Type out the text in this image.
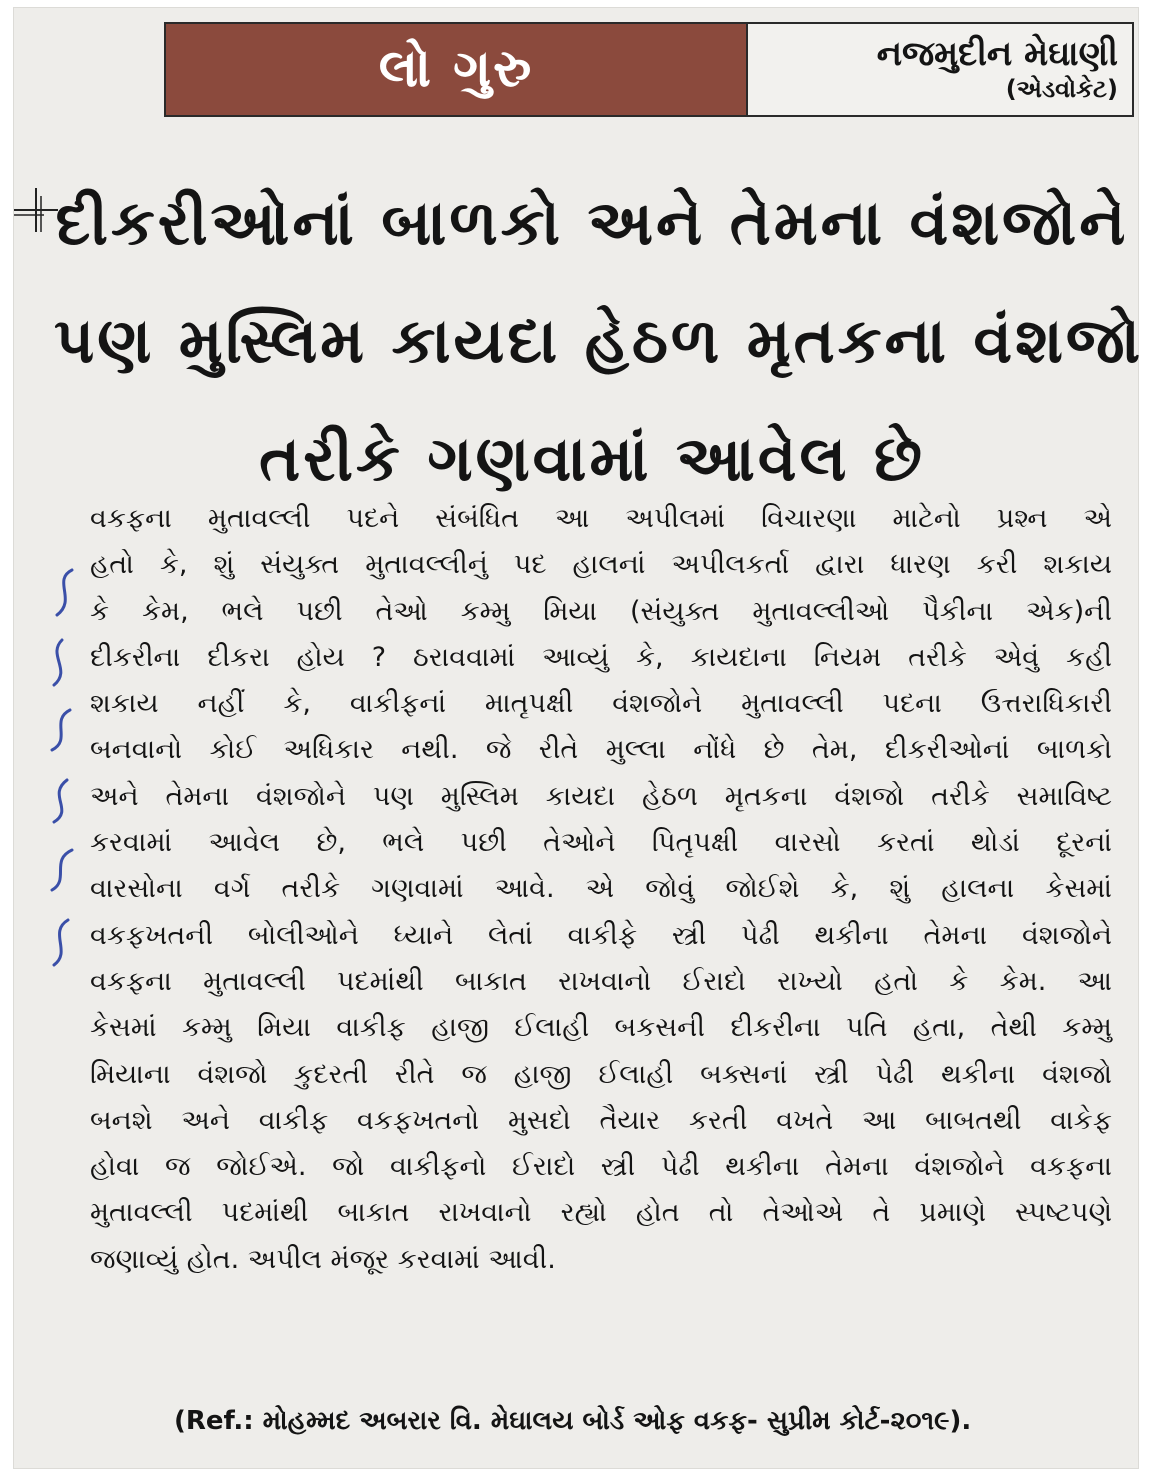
લો ગુરુ	નજમુદીન મેઘાણી
(એડવોકેટ)
દીકરીઓનાં બાળકો અને તેમના વંશજોને
પણ મુસ્લિમ કાયદા હેઠળ મૃતકના વંશજો
તરીકે ગણવામાં આવેલ છે
વકફના મુતાવલ્લી પદને સંબંધિત આ અપીલમાં વિચારણા માટેનો પ્રશ્ન એ
હતો કે, શું સંયુક્ત મુતાવલ્લીનું પદ હાલનાં અપીલકર્તા દ્વારા ધારણ કરી શકાય
કે કેમ, ભલે પછી તેઓ કમ્મુ મિયા (સંયુક્ત મુતાવલ્લીઓ પૈકીના એક)ની
દીકરીના દીકરા હોય ? ઠરાવવામાં આવ્યું કે, કાયદાના નિયમ તરીકે એવું કહી
શકાય નહીં કે, વાકીફનાં માતૃપક્ષી વંશજોને મુતાવલ્લી પદના ઉત્તરાધિકારી
બનવાનો કોઈ અધિકાર નથી. જે રીતે મુલ્લા નોંધે છે તેમ, દીકરીઓનાં બાળકો
અને તેમના વંશજોને પણ મુસ્લિમ કાયદા હેઠળ મૃતકના વંશજો તરીકે સમાવિષ્ટ
કરવામાં આવેલ છે, ભલે પછી તેઓને પિતૃપક્ષી વારસો કરતાં થોડાં દૂરનાં
વારસોના વર્ગ તરીકે ગણવામાં આવે. એ જોવું જોઈશે કે, શું હાલના કેસમાં
વકફખતની બોલીઓને ધ્યાને લેતાં વાકીફે સ્ત્રી પેઢી થકીના તેમના વંશજોને
વકફના મુતાવલ્લી પદમાંથી બાકાત રાખવાનો ઈરાદો રાખ્યો હતો કે કેમ. આ
કેસમાં કમ્મુ મિયા વાકીફ હાજી ઈલાહી બકસની દીકરીના પતિ હતા, તેથી કમ્મુ
મિયાના વંશજો કુદરતી રીતે જ હાજી ઈલાહી બક્સનાં સ્ત્રી પેઢી થકીના વંશજો
બનશે અને વાકીફ વકફખતનો મુસદો તૈયાર કરતી વખતે આ બાબતથી વાકેફ
હોવા જ જોઈએ. જો વાકીફનો ઈરાદો સ્ત્રી પેઢી થકીના તેમના વંશજોને વકફના
મુતાવલ્લી પદમાંથી બાકાત રાખવાનો રહ્યો હોત તો તેઓએ તે પ્રમાણે સ્પષ્ટપણે
જણાવ્યું હોત. અપીલ મંજૂર કરવામાં આવી.
(Ref.: મોહમ્મદ અબરાર વિ. મેઘાલય બોર્ડ ઓફ વકફ- સુપ્રીમ કોર્ટ-૨૦૧૯).
